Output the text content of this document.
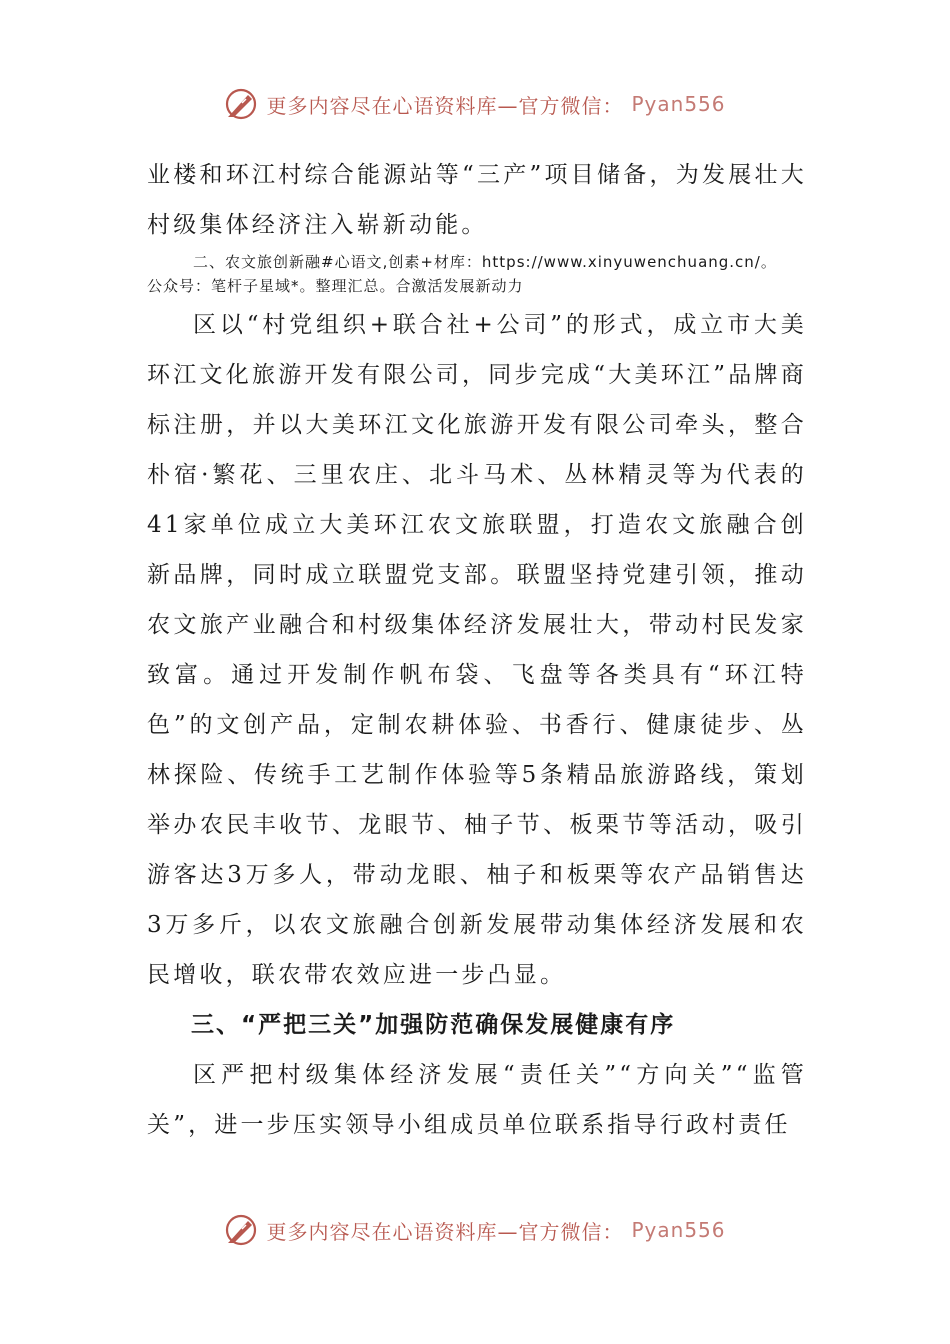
更多内容尽在心语资料库—官方微信： Pyan556

业楼和环江村综合能源站等“三产”项目储备，为发展壮大村级集体经济注入崭新动能。

二、农文旅创新融#心语文,创素+材库：https://www.xinyuwenchuang.cn/。
公众号：笔杆子星域*。整理汇总。合激活发展新动力

区以“村党组织+联合社+公司”的形式，成立市大美环江文化旅游开发有限公司，同步完成“大美环江”品牌商标注册，并以大美环江文化旅游开发有限公司牵头，整合朴宿·繁花、三里农庄、北斗马术、丛林精灵等为代表的41家单位成立大美环江农文旅联盟，打造农文旅融合创新品牌，同时成立联盟党支部。联盟坚持党建引领，推动农文旅产业融合和村级集体经济发展壮大，带动村民发家致富。通过开发制作帆布袋、飞盘等各类具有“环江特色”的文创产品，定制农耕体验、书香行、健康徒步、丛林探险、传统手工艺制作体验等5条精品旅游路线，策划举办农民丰收节、龙眼节、柚子节、板栗节等活动，吸引游客达3万多人，带动龙眼、柚子和板栗等农产品销售达3万多斤，以农文旅融合创新发展带动集体经济发展和农民增收，联农带农效应进一步凸显。

三、“严把三关”加强防范确保发展健康有序

区严把村级集体经济发展“责任关”“方向关”“监管关”，进一步压实领导小组成员单位联系指导行政村责任

更多内容尽在心语资料库—官方微信： Pyan556
